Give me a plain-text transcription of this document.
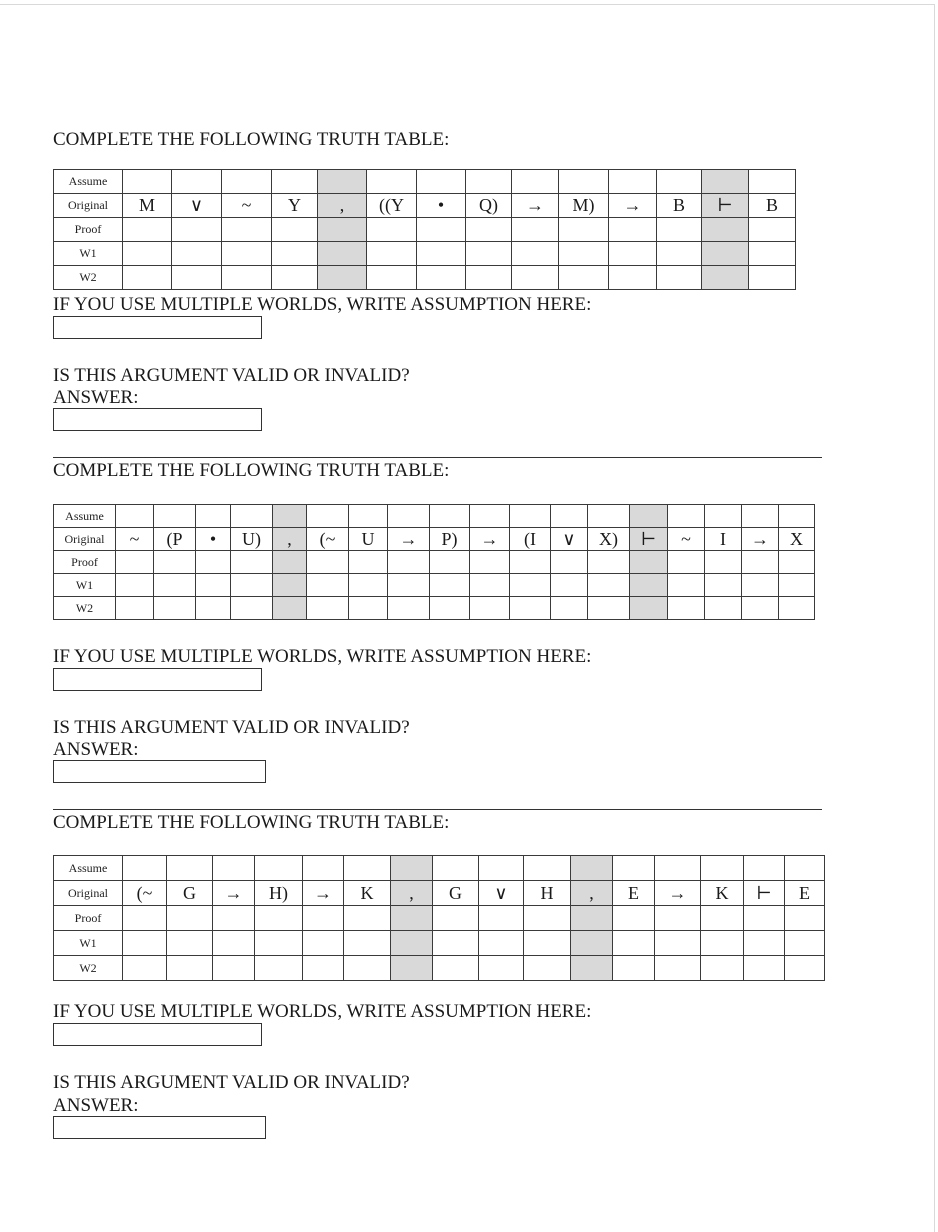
COMPLETE THE FOLLOWING TRUTH TABLE:
Assume														
Original	M	∨	~	Y	,	((Y	•	Q)	→	M)	→	B	⊢	B
Proof														
W1														
W2														
IF YOU USE MULTIPLE WORLDS, WRITE ASSUMPTION HERE:
IS THIS ARGUMENT VALID OR INVALID?
ANSWER:
COMPLETE THE FOLLOWING TRUTH TABLE:
Assume																		
Original	~	(P	•	U)	,	(~	U	→	P)	→	(I	∨	X)	⊢	~	I	→	X
Proof																		
W1																		
W2																		
IF YOU USE MULTIPLE WORLDS, WRITE ASSUMPTION HERE:
IS THIS ARGUMENT VALID OR INVALID?
ANSWER:
COMPLETE THE FOLLOWING TRUTH TABLE:
Assume																
Original	(~	G	→	H)	→	K	,	G	∨	H	,	E	→	K	⊢	E
Proof																
W1																
W2																
IF YOU USE MULTIPLE WORLDS, WRITE ASSUMPTION HERE:
IS THIS ARGUMENT VALID OR INVALID?
ANSWER:
